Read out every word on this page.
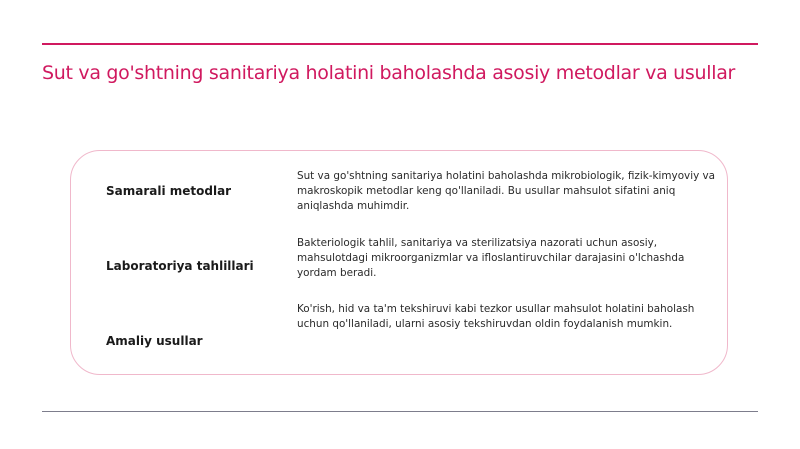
Sut va go'shtning sanitariya holatini baholashda asosiy metodlar va usullar
Samarali metodlar
Sut va go'shtning sanitariya holatini baholashda mikrobiologik, fizik-kimyoviy va makroskopik metodlar keng qo'llaniladi. Bu usullar mahsulot sifatini aniq aniqlashda muhimdir.
Laboratoriya tahlillari
Bakteriologik tahlil, sanitariya va sterilizatsiya nazorati uchun asosiy, mahsulotdagi mikroorganizmlar va ifloslantiruvchilar darajasini o'lchashda yordam beradi.
Amaliy usullar
Ko'rish, hid va ta'm tekshiruvi kabi tezkor usullar mahsulot holatini baholash uchun qo'llaniladi, ularni asosiy tekshiruvdan oldin foydalanish mumkin.
